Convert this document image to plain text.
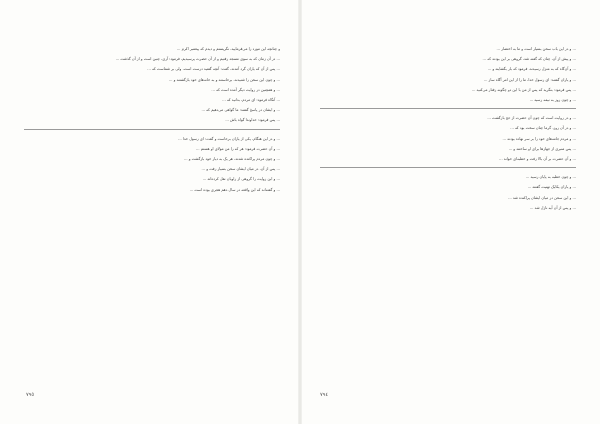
و چنانچه این مورد را می‌فرمایید، نگریستم و دیدم که پیغمبر اکرم ...

... در آن زمان که به سوی مسجد رفتیم و از آن حضرت پرسیدیم، فرمود: آری، چنین است و از آن گذشت ...

... پس از آن که یاران گرد آمدند، گفت: آنچه گفتید درست است، ولی بر شماست که ...

... و چون این سخن را شنیدند، برخاستند و به خانه‌های خود بازگشتند و ...

... و همچنین در روایت دیگر آمده است که ...

... آنگاه فرمود: ای مردم، بدانید که ...

... و ایشان در پاسخ گفتند: ما گواهی می‌دهیم که ...

... پس فرمود: خداوندا گواه باش ...

... و در این هنگام، یکی از یاران برخاست و گفت: ای رسول خدا ...

... و آن حضرت فرمود: هر که را من مولای او هستم ...

... و چون مردم پراکنده شدند، هر یک به دیار خود بازگشت و ...

... پس از آن، در میان ایشان سخن بسیار رفت و ...

... و این روایت را گروهی از راویان نقل کرده‌اند ...

... و گفته‌اند که این واقعه در سال دهم هجری بوده است ...

٧٩٥

... و در این باب سخن بسیار است و ما به اختصار ...

... و پیش از آن، چنان که گفته شد، گروهی بر این بودند که ...

... و آن‌گاه که به منزل رسیدند، فرمود که بار بگشایند و ...

... و یاران گفتند: ای رسول خدا، ما را از این امر آگاه ساز ...

... پس فرمود: بنگرید که پس از من با این دو چگونه رفتار می‌کنید ...

... و چون روز به نیمه رسید ...

... و در روایت است که چون آن حضرت از حج بازگشت ...

... و در آن روز، گرما چنان سخت بود که ...

... و مردم جامه‌های خود را بر سر نهاده بودند ...

... پس منبری از جهازها برای او ساختند و ...

... و آن حضرت بر آن بالا رفت و خطبه‌ای خواند ...

... و چون خطبه به پایان رسید ...

... و یاران یکایک تهنیت گفتند ...

... و این سخن در میان ایشان پراکنده شد ...

... و پس از آن آیه نازل شد ...

٧٩٤
